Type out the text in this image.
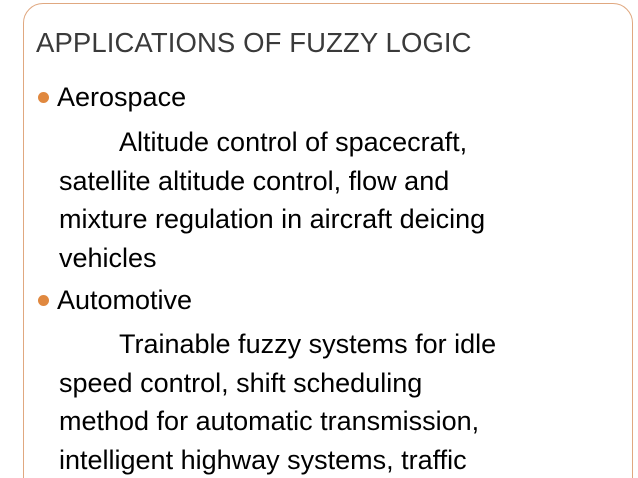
APPLICATIONS OF FUZZY LOGIC
Aerospace
Altitude control of spacecraft,
satellite altitude control, flow and
mixture regulation in aircraft deicing
vehicles
Automotive
Trainable fuzzy systems for idle
speed control, shift scheduling
method for automatic transmission,
intelligent highway systems, traffic
